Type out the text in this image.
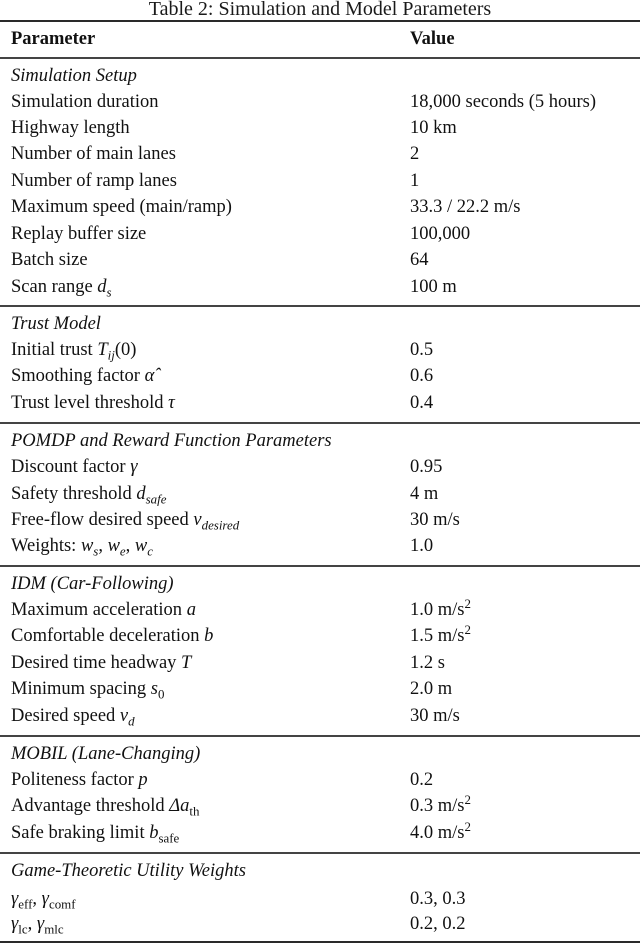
Table 2: Simulation and Model Parameters
Parameter	Value
Simulation Setup
Simulation duration	18,000 seconds (5 hours)
Highway length	10 km
Number of main lanes	2
Number of ramp lanes	1
Maximum speed (main/ramp)	33.3 / 22.2 m/s
Replay buffer size	100,000
Batch size	64
Scan range $d_s$	100 m
Trust Model
Initial trust $T_{ij}(0)$	0.5
Smoothing factor α̂	0.6
Trust level threshold τ	0.4
POMDP and Reward Function Parameters
Discount factor γ	0.95
Safety threshold $d_{safe}$	4 m
Free-flow desired speed $v_{desired}$	30 m/s
Weights: $w_s$, $w_e$, $w_c$	1.0
IDM (Car-Following)
Maximum acceleration a	1.0 $m/s^2$
Comfortable deceleration b	1.5 $m/s^2$
Desired time headway T	1.2 s
Minimum spacing $s_0$	2.0 m
Desired speed $v_d$	30 m/s
MOBIL (Lane-Changing)
Politeness factor p	0.2
Advantage threshold $\Delta a_{th}$	0.3 $m/s^2$
Safe braking limit $b_{safe}$	4.0 $m/s^2$
Game-Theoretic Utility Weights
$\gamma_{eff}$, $\gamma_{comf}$	0.3, 0.3
$\gamma_{lc}$, $\gamma_{mlc}$	0.2, 0.2
